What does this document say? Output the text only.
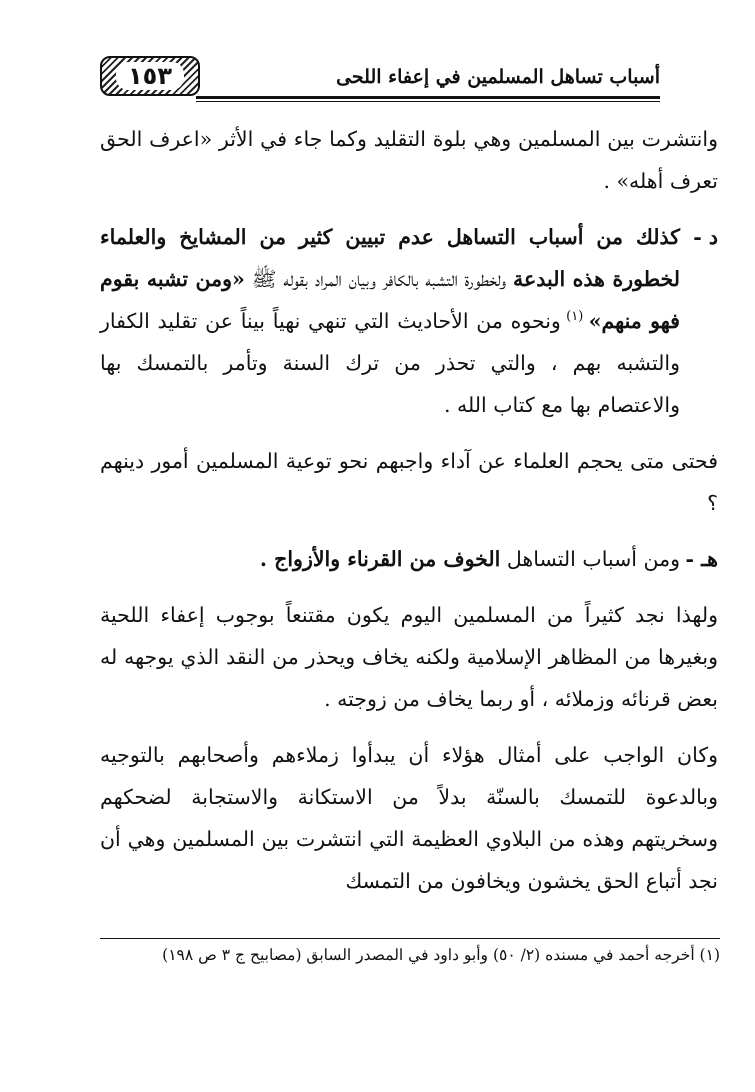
١٥٣	أسباب تساهل المسلمين في إعفاء اللحى

وانتشرت بين المسلمين وهي بلوة التقليد وكما جاء في الأثر «اعرف الحق تعرف أهله» .

د -
كذلك من أسباب التساهل عدم تبيين كثير من المشايخ والعلماء لخطورة هذه البدعة ولخطورة التشبه بالكافر وبيان المراد بقوله ﷺ «ومن تشبه بقوم فهو منهم» $^{(١)}$ ونحوه من الأحاديث التي تنهي نهياً بيناً عن تقليد الكفار والتشبه بهم ، والتي تحذر من ترك السنة وتأمر بالتمسك بها والاعتصام بها مع كتاب الله .

فحتى متى يحجم العلماء عن آداء واجبهم نحو توعية المسلمين أمور دينهم ؟

هـ -
ومن أسباب التساهل الخوف من القرناء والأزواج .

ولهذا نجد كثيراً من المسلمين اليوم يكون مقتنعاً بوجوب إعفاء اللحية وبغيرها من المظاهر الإسلامية ولكنه يخاف ويحذر من النقد الذي يوجهه له بعض قرنائه وزملائه ، أو ربما يخاف من زوجته .

وكان الواجب على أمثال هؤلاء أن يبدأوا زملاءهم وأصحابهم بالتوجيه وبالدعوة للتمسك بالسنّة بدلاً من الاستكانة والاستجابة لضحكهم وسخريتهم وهذه من البلاوي العظيمة التي انتشرت بين المسلمين وهي أن نجد أتباع الحق يخشون ويخافون من التمسك

(١) أخرجه أحمد في مسنده (٢/ ٥٠) وأبو داود في المصدر السابق (مصابيح ج ٣ ص ١٩٨)
